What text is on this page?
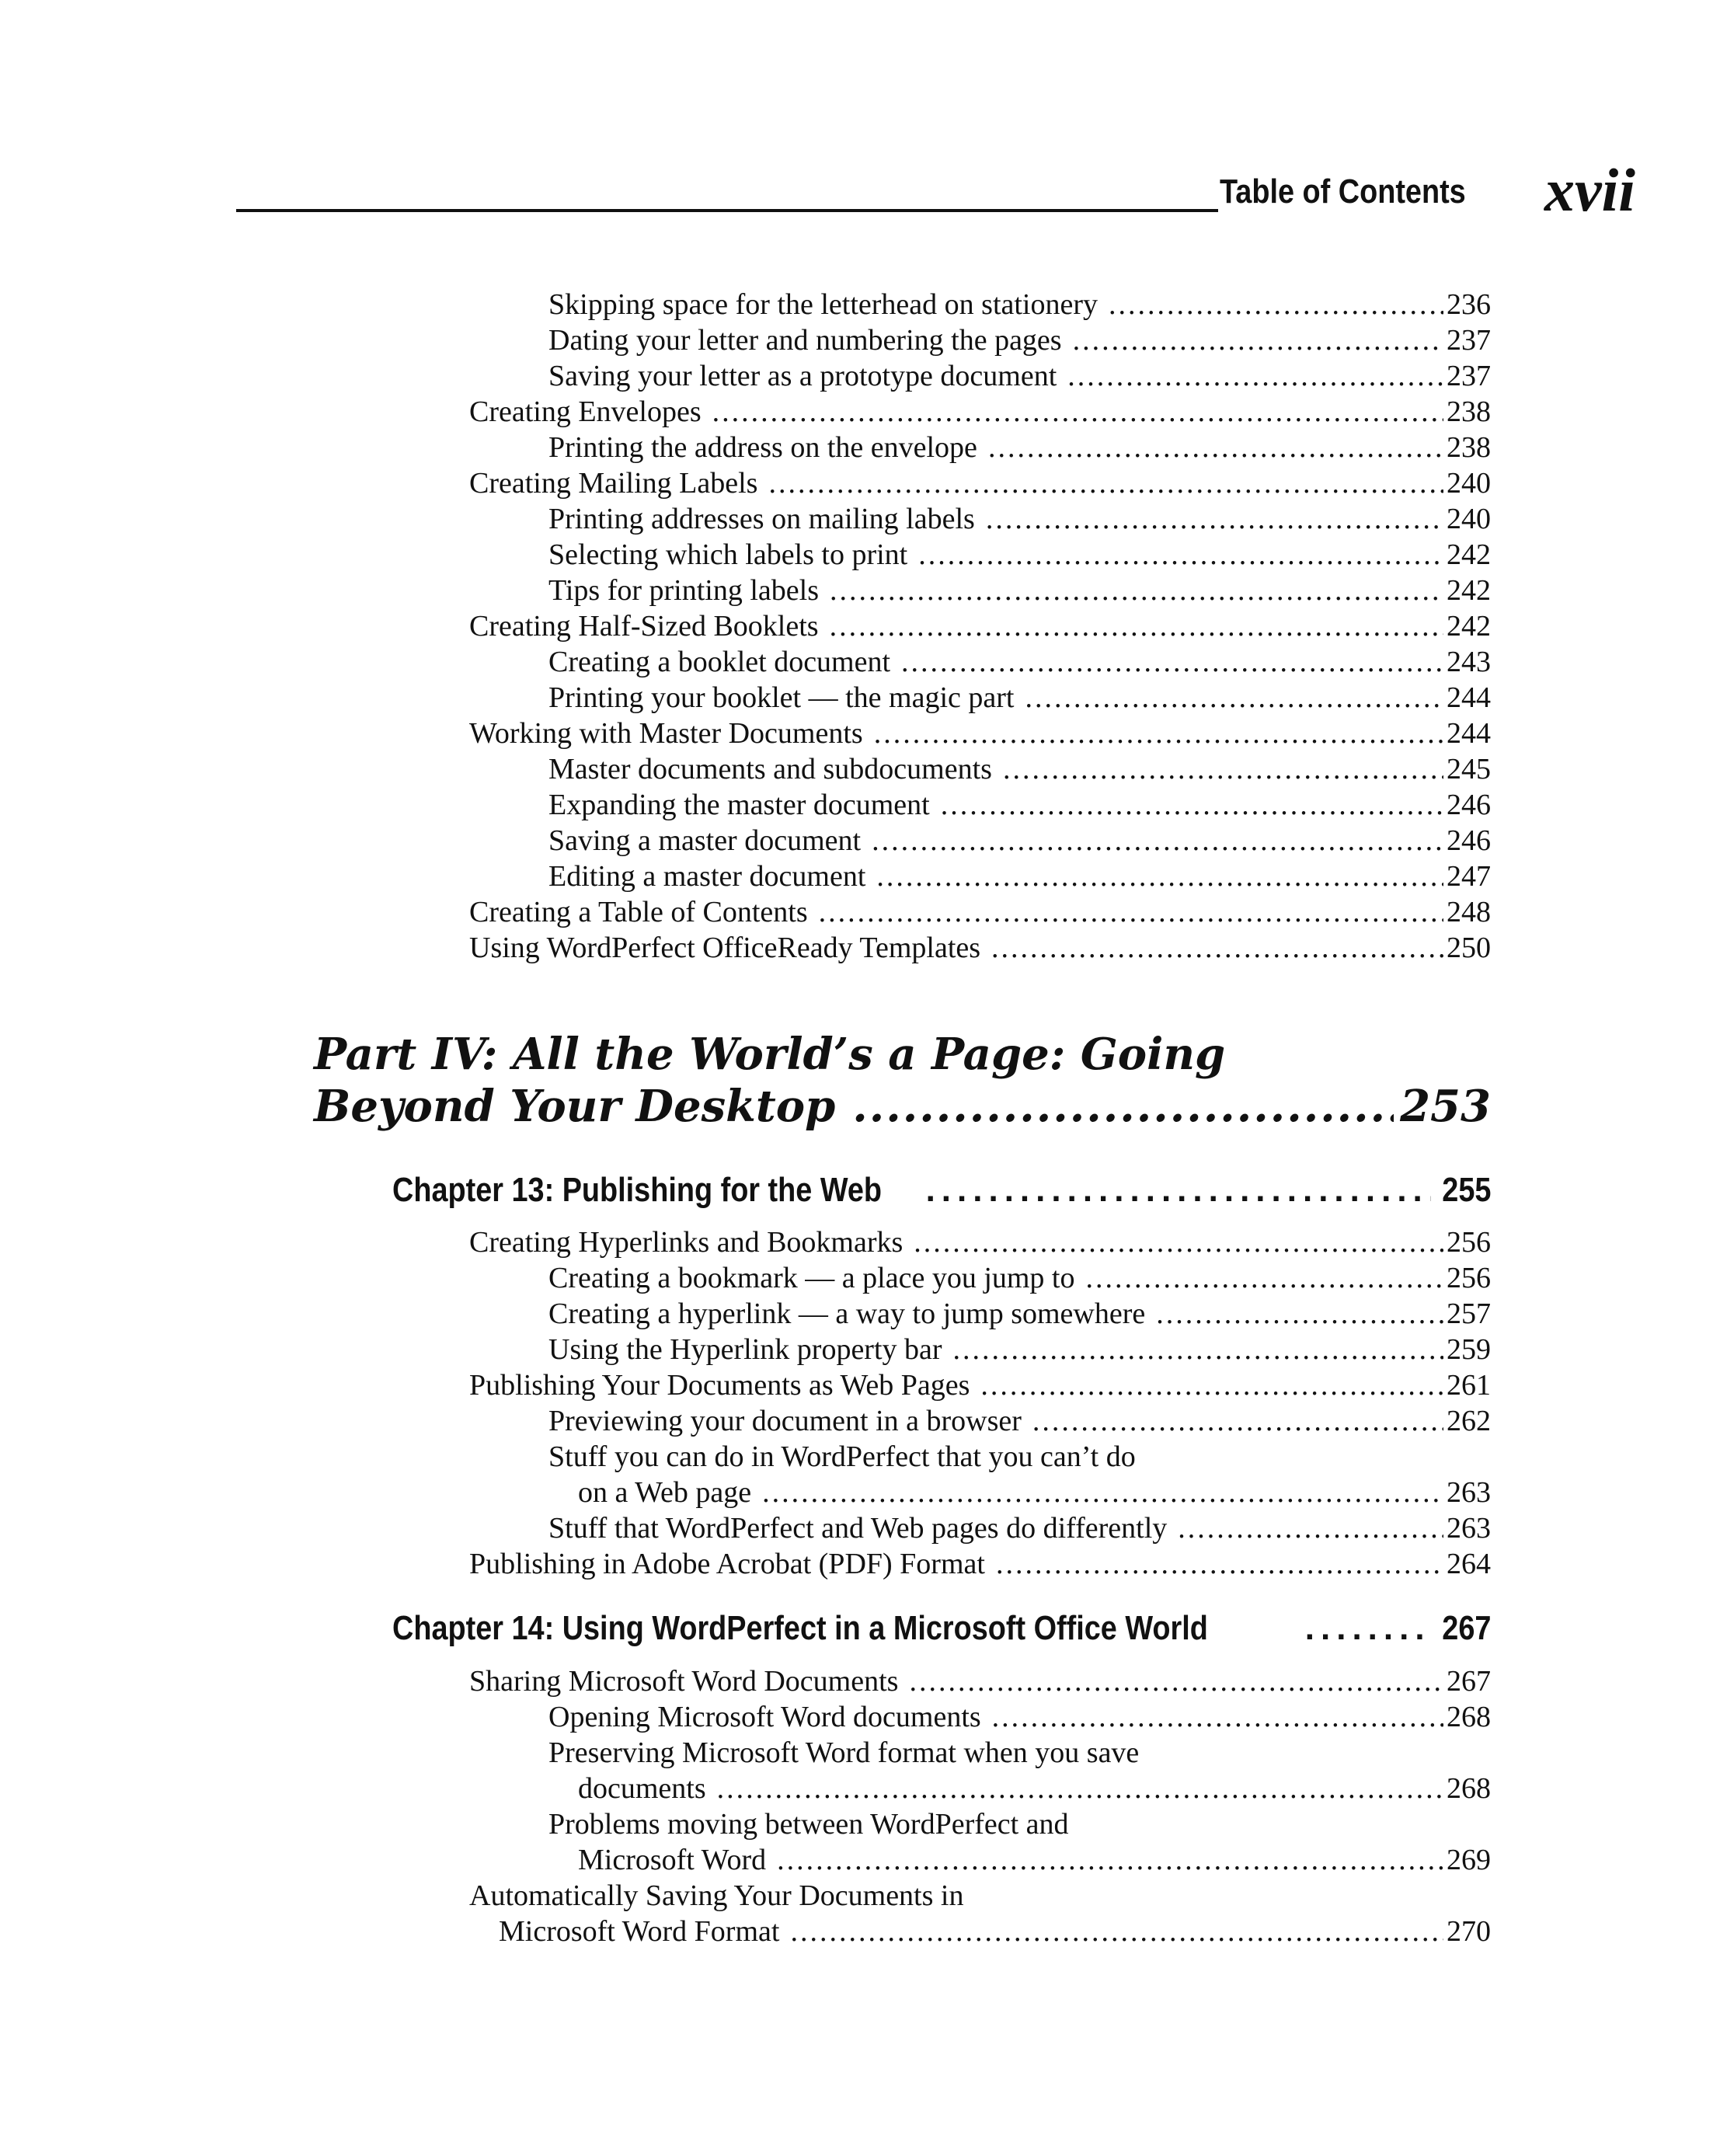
Table of Contents xvii
Skipping space for the letterhead on stationery .....	236
Dating your letter and numbering the pages .....	237
Saving your letter as a prototype document .....	237
Creating Envelopes .....	238
Printing the address on the envelope .....	238
Creating Mailing Labels .....	240
Printing addresses on mailing labels .....	240
Selecting which labels to print .....	242
Tips for printing labels .....	242
Creating Half-Sized Booklets .....	242
Creating a booklet document .....	243
Printing your booklet — the magic part .....	244
Working with Master Documents .....	244
Master documents and subdocuments .....	245
Expanding the master document .....	246
Saving a master document .....	246
Editing a master document .....	247
Creating a Table of Contents .....	248
Using WordPerfect OfficeReady Templates .....	250
Part IV: All the World’s a Page: Going
Beyond Your Desktop .....	253
Chapter 13: Publishing for the Web .....	255
Creating Hyperlinks and Bookmarks .....	256
Creating a bookmark — a place you jump to .....	256
Creating a hyperlink — a way to jump somewhere .....	257
Using the Hyperlink property bar .....	259
Publishing Your Documents as Web Pages .....	261
Previewing your document in a browser .....	262
Stuff you can do in WordPerfect that you can’t do
on a Web page .....	263
Stuff that WordPerfect and Web pages do differently .....	263
Publishing in Adobe Acrobat (PDF) Format .....	264
Chapter 14: Using WordPerfect in a Microsoft Office World .....	267
Sharing Microsoft Word Documents .....	267
Opening Microsoft Word documents .....	268
Preserving Microsoft Word format when you save
documents .....	268
Problems moving between WordPerfect and
Microsoft Word .....	269
Automatically Saving Your Documents in
Microsoft Word Format .....	270
